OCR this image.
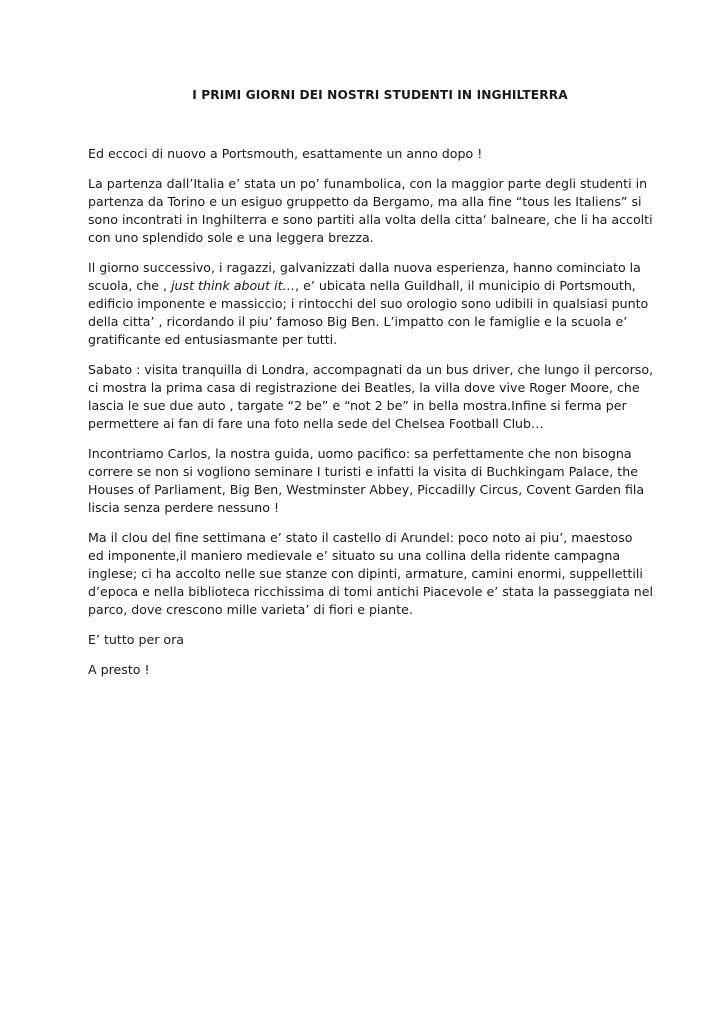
I PRIMI GIORNI DEI NOSTRI STUDENTI IN INGHILTERRA

Ed eccoci di nuovo a Portsmouth, esattamente un anno dopo !

La partenza dall’Italia e’ stata un po’ funambolica, con la maggior parte degli studenti in
partenza da Torino e un esiguo gruppetto da Bergamo, ma alla fine “tous les Italiens” si
sono incontrati in Inghilterra e sono partiti alla volta della citta‘ balneare, che li ha accolti
con uno splendido sole e una leggera brezza.

Il giorno successivo, i ragazzi, galvanizzati dalla nuova esperienza, hanno cominciato la
scuola, che , just think about it…, e’ ubicata nella Guildhall, il municipio di Portsmouth,
edificio imponente e massiccio; i rintocchi del suo orologio sono udibili in qualsiasi punto
della citta’ , ricordando il piu’ famoso Big Ben. L’impatto con le famiglie e la scuola e’
gratificante ed entusiasmante per tutti.

Sabato : visita tranquilla di Londra, accompagnati da un bus driver, che lungo il percorso,
ci mostra la prima casa di registrazione dei Beatles, la villa dove vive Roger Moore, che
lascia le sue due auto , targate “2 be” e “not 2 be” in bella mostra.Infine si ferma per
permettere ai fan di fare una foto nella sede del Chelsea Football Club…

Incontriamo Carlos, la nostra guida, uomo pacifico: sa perfettamente che non bisogna
correre se non si vogliono seminare I turisti e infatti la visita di Buchkingam Palace, the
Houses of Parliament, Big Ben, Westminster Abbey, Piccadilly Circus, Covent Garden fila
liscia senza perdere nessuno !

Ma il clou del fine settimana e’ stato il castello di Arundel: poco noto ai piu’, maestoso
ed imponente,il maniero medievale e’ situato su una collina della ridente campagna
inglese; ci ha accolto nelle sue stanze con dipinti, armature, camini enormi, suppellettili
d’epoca e nella biblioteca ricchissima di tomi antichi Piacevole e’ stata la passeggiata nel
parco, dove crescono mille varieta’ di fiori e piante.

E’ tutto per ora

A presto !
